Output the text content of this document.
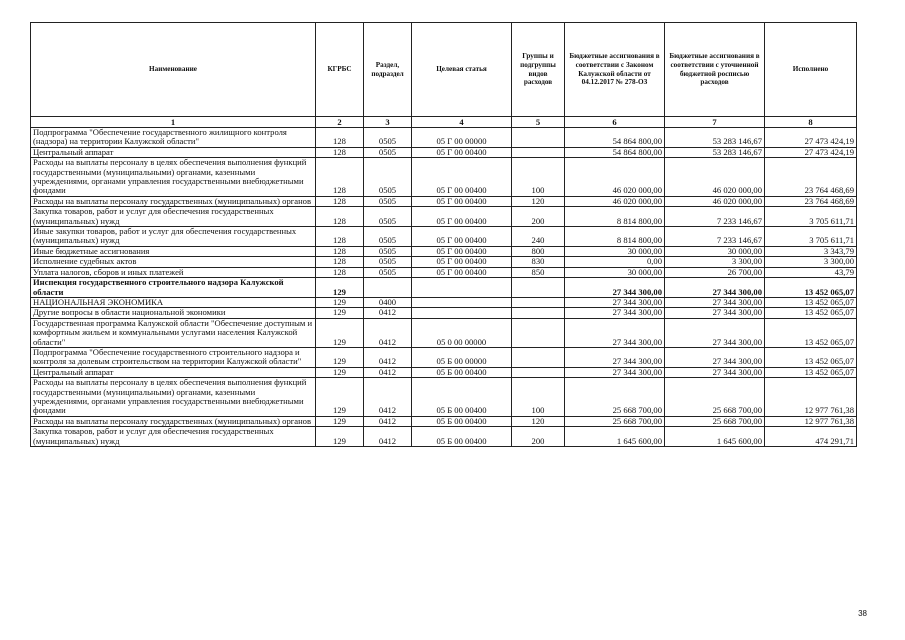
Наименование	КГРБС	Раздел, подраздел	Целевая статья	Группы и подгруппы видов расходов	Бюджетные ассигнования в соответствии с Законом Калужской области от 04.12.2017 № 278-ОЗ	Бюджетные ассигнования в соответствии с уточненной бюджетной росписью расходов	Исполнено
1	2	3	4	5	6	7	8
Подпрограмма "Обеспечение государственного жилищного контроля (надзора) на территории Калужской области"	128	0505	05 Г 00 00000		54 864 800,00	53 283 146,67	27 473 424,19
Центральный аппарат	128	0505	05 Г 00 00400		54 864 800,00	53 283 146,67	27 473 424,19
Расходы на выплаты персоналу в целях обеспечения выполнения функций государственными (муниципальными) органами, казенными учреждениями, органами управления государственными внебюджетными фондами	128	0505	05 Г 00 00400	100	46 020 000,00	46 020 000,00	23 764 468,69
Расходы на выплаты персоналу государственных (муниципальных) органов	128	0505	05 Г 00 00400	120	46 020 000,00	46 020 000,00	23 764 468,69
Закупка товаров, работ и услуг для обеспечения государственных (муниципальных) нужд	128	0505	05 Г 00 00400	200	8 814 800,00	7 233 146,67	3 705 611,71
Иные закупки товаров, работ и услуг для обеспечения государственных (муниципальных) нужд	128	0505	05 Г 00 00400	240	8 814 800,00	7 233 146,67	3 705 611,71
Иные бюджетные ассигнования	128	0505	05 Г 00 00400	800	30 000,00	30 000,00	3 343,79
Исполнение судебных актов	128	0505	05 Г 00 00400	830	0,00	3 300,00	3 300,00
Уплата налогов, сборов и иных платежей	128	0505	05 Г 00 00400	850	30 000,00	26 700,00	43,79
Инспекция государственного строительного надзора Калужской области	129				27 344 300,00	27 344 300,00	13 452 065,07
НАЦИОНАЛЬНАЯ ЭКОНОМИКА	129	0400			27 344 300,00	27 344 300,00	13 452 065,07
Другие вопросы в области национальной экономики	129	0412			27 344 300,00	27 344 300,00	13 452 065,07
Государственная программа Калужской области "Обеспечение доступным и комфортным жильем и коммунальными услугами населения Калужской области"	129	0412	05 0 00 00000		27 344 300,00	27 344 300,00	13 452 065,07
Подпрограмма "Обеспечение государственного строительного надзора и контроля за долевым строительством на территории Калужской области"	129	0412	05 Б 00 00000		27 344 300,00	27 344 300,00	13 452 065,07
Центральный аппарат	129	0412	05 Б 00 00400		27 344 300,00	27 344 300,00	13 452 065,07
Расходы на выплаты персоналу в целях обеспечения выполнения функций государственными (муниципальными) органами, казенными учреждениями, органами управления государственными внебюджетными фондами	129	0412	05 Б 00 00400	100	25 668 700,00	25 668 700,00	12 977 761,38
Расходы на выплаты персоналу государственных (муниципальных) органов	129	0412	05 Б 00 00400	120	25 668 700,00	25 668 700,00	12 977 761,38
Закупка товаров, работ и услуг для обеспечения государственных (муниципальных) нужд	129	0412	05 Б 00 00400	200	1 645 600,00	1 645 600,00	474 291,71
38
